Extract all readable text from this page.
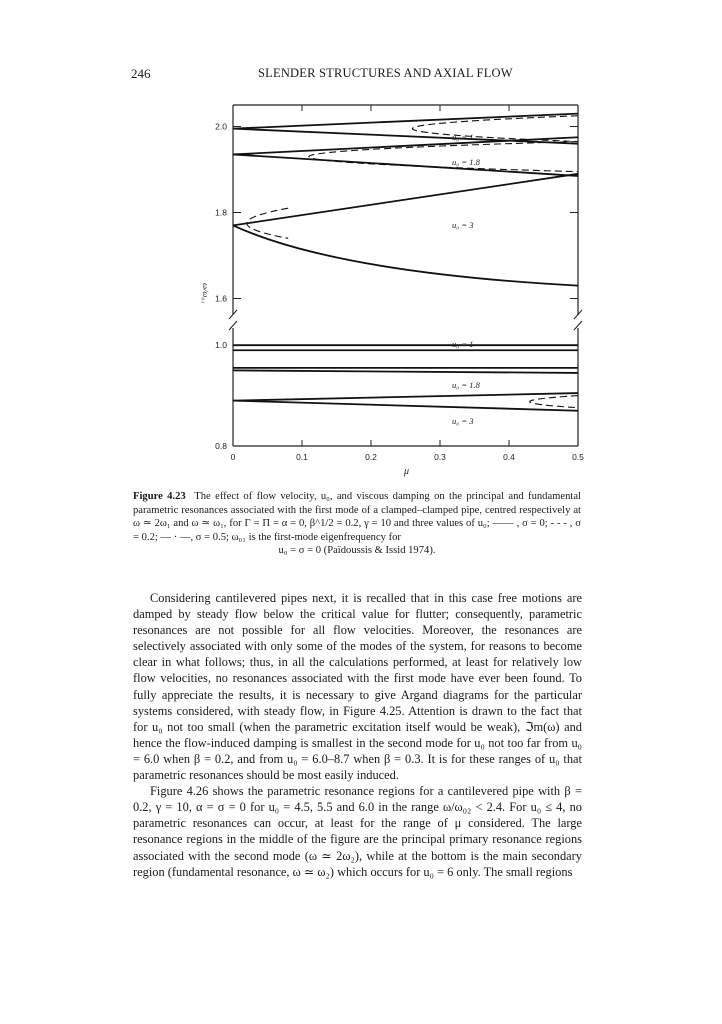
246	SLENDER STRUCTURES AND AXIAL FLOW
0	0.1	0.2	0.3	0.4	0.5
2.0
1.8
1.6
1.0
0.8
u₀ = 1
u₀ = 1.8
u₀ = 3
u₀ = 1
u₀ = 1.8
u₀ = 3
ω/ω₀₁
μ
Figure 4.23 The effect of flow velocity, u₀, and viscous damping on the principal and fundamental parametric resonances associated with the first mode of a clamped–clamped pipe, centred respectively at ω ≃ 2ω₁ and ω ≃ ω₁, for Γ = Π = α = 0, β^1/2 = 0.2, γ = 10 and three values of u₀; —— , σ = 0; - - - , σ = 0.2; — · —, σ = 0.5; ω₀₁ is the first-mode eigenfrequency for
u₀ = σ = 0 (Païdoussis & Issid 1974).

Considering cantilevered pipes next, it is recalled that in this case free motions are damped by steady flow below the critical value for flutter; consequently, parametric resonances are not possible for all flow velocities. Moreover, the resonances are selectively associated with only some of the modes of the system, for reasons to become clear in what follows; thus, in all the calculations performed, at least for relatively low flow velocities, no resonances associated with the first mode have ever been found. To fully appreciate the results, it is necessary to give Argand diagrams for the particular systems considered, with steady flow, in Figure 4.25. Attention is drawn to the fact that for u₀ not too small (when the parametric excitation itself would be weak), ℑm(ω) and hence the flow-induced damping is smallest in the second mode for u₀ not too far from u₀ = 6.0 when β = 0.2, and from u₀ = 6.0–8.7 when β = 0.3. It is for these ranges of u₀ that parametric resonances should be most easily induced.

Figure 4.26 shows the parametric resonance regions for a cantilevered pipe with β = 0.2, γ = 10, α = σ = 0 for u₀ = 4.5, 5.5 and 6.0 in the range ω/ω₀₂ < 2.4. For u₀ ≤ 4, no parametric resonances can occur, at least for the range of μ considered. The large resonance regions in the middle of the figure are the principal primary resonance regions associated with the second mode (ω ≃ 2ω₂), while at the bottom is the main secondary region (fundamental resonance, ω ≃ ω₂) which occurs for u₀ = 6 only. The small regions
